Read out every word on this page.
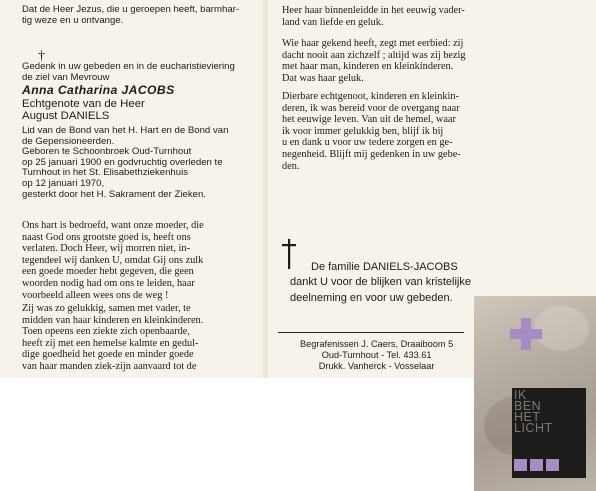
Dat de Heer Jezus, die u geroepen heeft, barmhar-
tig weze en u ontvange.
†
Gedenk in uw gebeden en in de eucharistieviering
de ziel van Mevrouw
Anna Catharina JACOBS
Echtgenote van de Heer
August DANIELS
Lid van de Bond van het H. Hart en de Bond van
de Gepensioneerden.
Geboren te Schoonbroek Oud-Turnhout
op 25 januari 1900 en godvruchtig overleden te
Turnhout in het St. Elisabethziekenhuis
op 12 januari 1970,
gesterkt door het H. Sakrament der Zieken.
Ons hart is bedroefd, want onze moeder, die
naast God ons grootste goed is, heeft ons
verlaten. Doch Heer, wij morren niet, in-
tegendeel wij danken U, omdat Gij ons zulk
een goede moeder hebt gegeven, die geen
woorden nodig had om ons te leiden, haar
voorbeeld alleen wees ons de weg !
Zij was zo gelukkig, samen met vader, te
midden van haar kinderen en kleinkinderen.
Toen opeens een ziekte zich openbaarde,
heeft zij met een hemelse kalmte en gedul-
dige goedheid het goede en minder goede
van haar manden ziek-zijn aanvaard tot de
Heer haar binnenleidde in het eeuwig vader-
land van liefde en geluk.
Wie haar gekend heeft, zegt met eerbied: zij
dacht nooit aan zichzelf ; altijd was zij bezig
met haar man, kinderen en kleinkinderen.
Dat was haar geluk.
Dierbare echtgenoot, kinderen en kleinkin-
deren, ik was bereid voor de overgang naar
het eeuwige leven. Van uit de hemel, waar
ik voor immer gelukkig ben, blijf ik bij
u en dank u voor uw tedere zorgen en ge-
negenheid. Blijft mij gedenken in uw gebe-
den.
De familie DANIELS-JACOBS
dankt U voor de blijken van kristelijke
deelneming en voor uw gebeden.
Begrafenissen J. Caers, Draaiboom 5
Oud-Turnhout - Tel. 433.61
Drukk. Vanherck - Vosselaar
IK
BEN
HET
LICHT
